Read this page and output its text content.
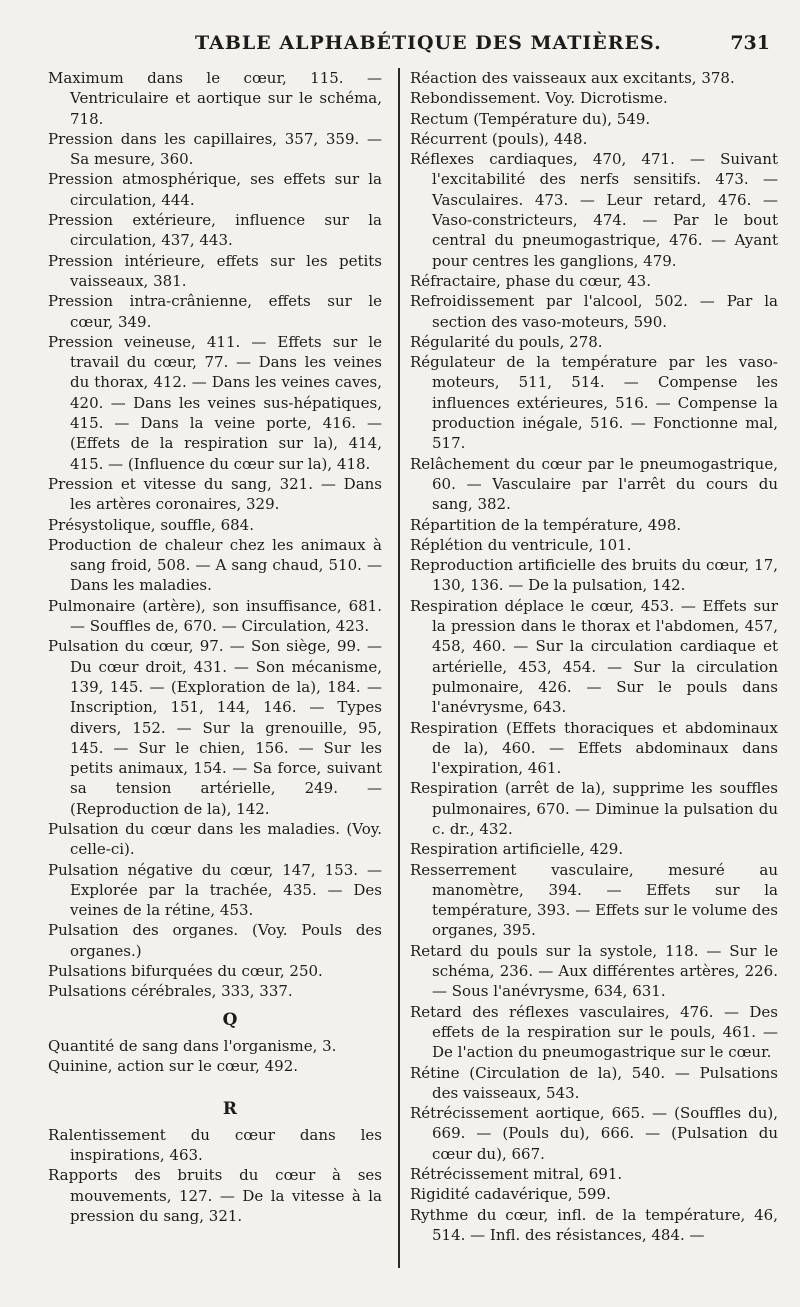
TABLE ALPHABÉTIQUE DES MATIÈRES.	731

Maximum dans le cœur, 115. — Ventriculaire et aortique sur le schéma, 718.

Pression dans les capillaires, 357, 359. — Sa mesure, 360.

Pression atmosphérique, ses effets sur la circulation, 444.

Pression extérieure, influence sur la circulation, 437, 443.

Pression intérieure, effets sur les petits vaisseaux, 381.

Pression intra-crânienne, effets sur le cœur, 349.

Pression veineuse, 411. — Effets sur le travail du cœur, 77. — Dans les veines du thorax, 412. — Dans les veines caves, 420. — Dans les veines sus-hépatiques, 415. — Dans la veine porte, 416. — (Effets de la respiration sur la), 414, 415. — (Influence du cœur sur la), 418.

Pression et vitesse du sang, 321. — Dans les artères coronaires, 329.

Présystolique, souffle, 684.

Production de chaleur chez les animaux à sang froid, 508. — A sang chaud, 510. — Dans les maladies.

Pulmonaire (artère), son insuffisance, 681. — Souffles de, 670. — Circulation, 423.

Pulsation du cœur, 97. — Son siège, 99. — Du cœur droit, 431. — Son mécanisme, 139, 145. — (Exploration de la), 184. — Inscription, 151, 144, 146. — Types divers, 152. — Sur la grenouille, 95, 145. — Sur le chien, 156. — Sur les petits animaux, 154. — Sa force, suivant sa tension artérielle, 249. — (Reproduction de la), 142.

Pulsation du cœur dans les maladies. (Voy. celle-ci).

Pulsation négative du cœur, 147, 153. — Explorée par la trachée, 435. — Des veines de la rétine, 453.

Pulsation des organes. (Voy. Pouls des organes.)

Pulsations bifurquées du cœur, 250.

Pulsations cérébrales, 333, 337.

Q

Quantité de sang dans l'organisme, 3.

Quinine, action sur le cœur, 492.

R

Ralentissement du cœur dans les inspirations, 463.

Rapports des bruits du cœur à ses mouvements, 127. — De la vitesse à la pression du sang, 321.

Réaction des vaisseaux aux excitants, 378.

Rebondissement. Voy. Dicrotisme.

Rectum (Température du), 549.

Récurrent (pouls), 448.

Réflexes cardiaques, 470, 471. — Suivant l'excitabilité des nerfs sensitifs. 473. — Vasculaires. 473. — Leur retard, 476. — Vaso-constricteurs, 474. — Par le bout central du pneumogastrique, 476. — Ayant pour centres les ganglions, 479.

Réfractaire, phase du cœur, 43.

Refroidissement par l'alcool, 502. — Par la section des vaso-moteurs, 590.

Régularité du pouls, 278.

Régulateur de la température par les vaso-moteurs, 511, 514. — Compense les influences extérieures, 516. — Compense la production inégale, 516. — Fonctionne mal, 517.

Relâchement du cœur par le pneumogastrique, 60. — Vasculaire par l'arrêt du cours du sang, 382.

Répartition de la température, 498.

Réplétion du ventricule, 101.

Reproduction artificielle des bruits du cœur, 17, 130, 136. — De la pulsation, 142.

Respiration déplace le cœur, 453. — Effets sur la pression dans le thorax et l'abdomen, 457, 458, 460. — Sur la circulation cardiaque et artérielle, 453, 454. — Sur la circulation pulmonaire, 426. — Sur le pouls dans l'anévrysme, 643.

Respiration (Effets thoraciques et abdominaux de la), 460. — Effets abdominaux dans l'expiration, 461.

Respiration (arrêt de la), supprime les souffles pulmonaires, 670. — Diminue la pulsation du c. dr., 432.

Respiration artificielle, 429.

Resserrement vasculaire, mesuré au manomètre, 394. — Effets sur la température, 393. — Effets sur le volume des organes, 395.

Retard du pouls sur la systole, 118. — Sur le schéma, 236. — Aux différentes artères, 226. — Sous l'anévrysme, 634, 631.

Retard des réflexes vasculaires, 476. — Des effets de la respiration sur le pouls, 461. — De l'action du pneumogastrique sur le cœur.

Rétine (Circulation de la), 540. — Pulsations des vaisseaux, 543.

Rétrécissement aortique, 665. — (Souffles du), 669. — (Pouls du), 666. — (Pulsation du cœur du), 667.

Rétrécissement mitral, 691.

Rigidité cadavérique, 599.

Rythme du cœur, infl. de la température, 46, 514. — Infl. des résistances, 484. —
